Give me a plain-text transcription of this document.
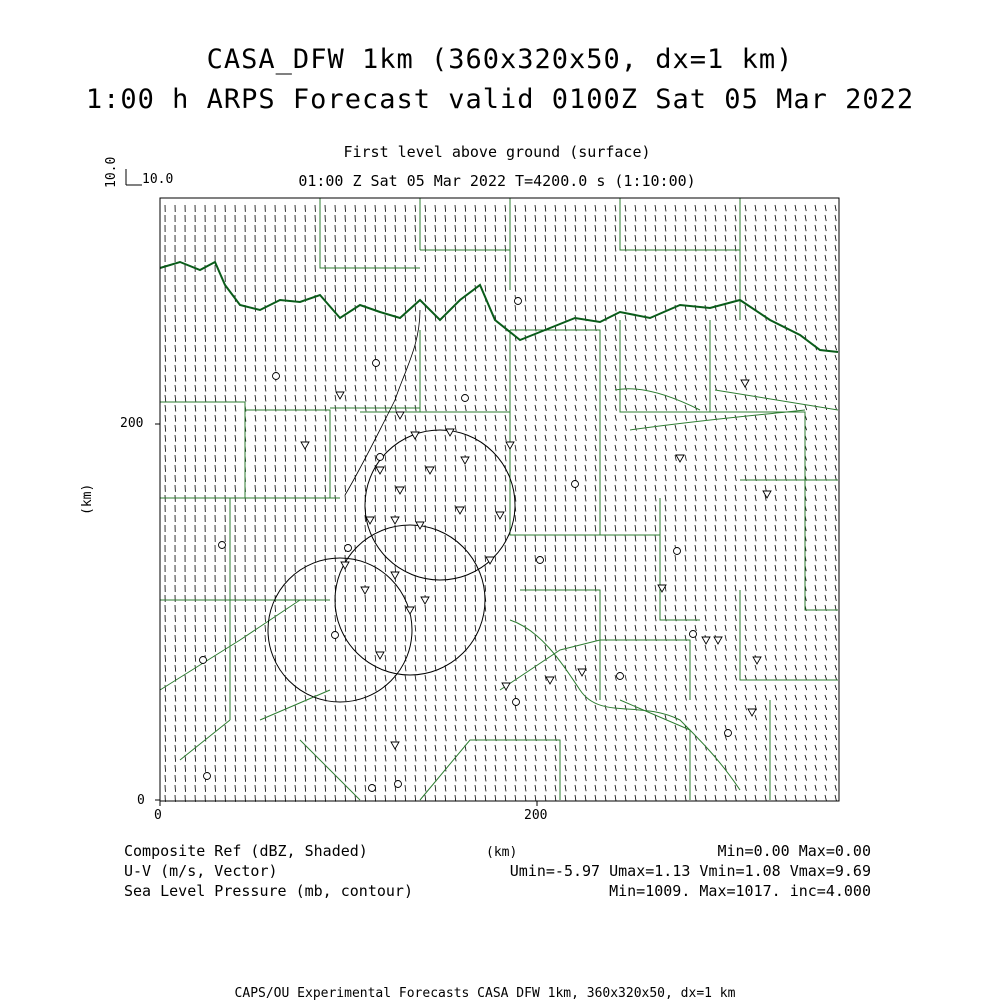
CASA_DFW 1km (360x320x50, dx=1 km)
1:00 h ARPS Forecast valid 0100Z Sat 05 Mar 2022
First level above ground (surface)
01:00 Z Sat 05 Mar 2022 T=4200.0 s (1:10:00)
10.0 10.0
(km)
200
0
0	200
(km)
Composite Ref (dBZ, Shaded)	Min=0.00 Max=0.00
U-V (m/s, Vector)	Umin=-5.97 Umax=1.13 Vmin=1.08 Vmax=9.69
Sea Level Pressure (mb, contour)	Min=1009. Max=1017. inc=4.000
CAPS/OU Experimental Forecasts CASA DFW 1km, 360x320x50, dx=1 km
